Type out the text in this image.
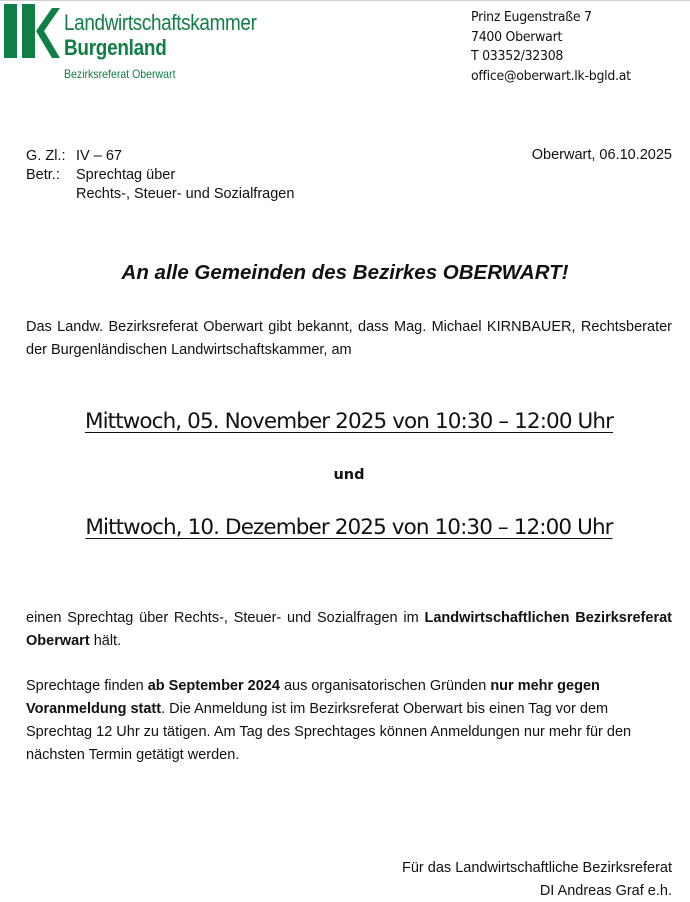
Landwirtschaftskammer
Burgenland
Bezirksreferat Oberwart
Prinz Eugenstraße 7
7400 Oberwart
T 03352/32308
office@oberwart.lk-bgld.at
G. Zl.: IV – 67
Betr.:	Sprechtag über
Rechts-, Steuer- und Sozialfragen
Oberwart, 06.10.2025
An alle Gemeinden des Bezirkes OBERWART!
Das Landw. Bezirksreferat Oberwart gibt bekannt, dass Mag. Michael KIRNBAUER, Rechtsberater der Burgenländischen Landwirtschaftskammer, am
Mittwoch, 05. November 2025 von 10:30 – 12:00 Uhr
und
Mittwoch, 10. Dezember 2025 von 10:30 – 12:00 Uhr
einen Sprechtag über Rechts-, Steuer- und Sozialfragen im Landwirtschaftlichen Bezirksreferat Oberwart hält.
Sprechtage finden ab September 2024 aus organisatorischen Gründen nur mehr gegen Voranmeldung statt. Die Anmeldung ist im Bezirksreferat Oberwart bis einen Tag vor dem Sprechtag 12 Uhr zu tätigen. Am Tag des Sprechtages können Anmeldungen nur mehr für den nächsten Termin getätigt werden.
Für das Landwirtschaftliche Bezirksreferat
DI Andreas Graf e.h.
